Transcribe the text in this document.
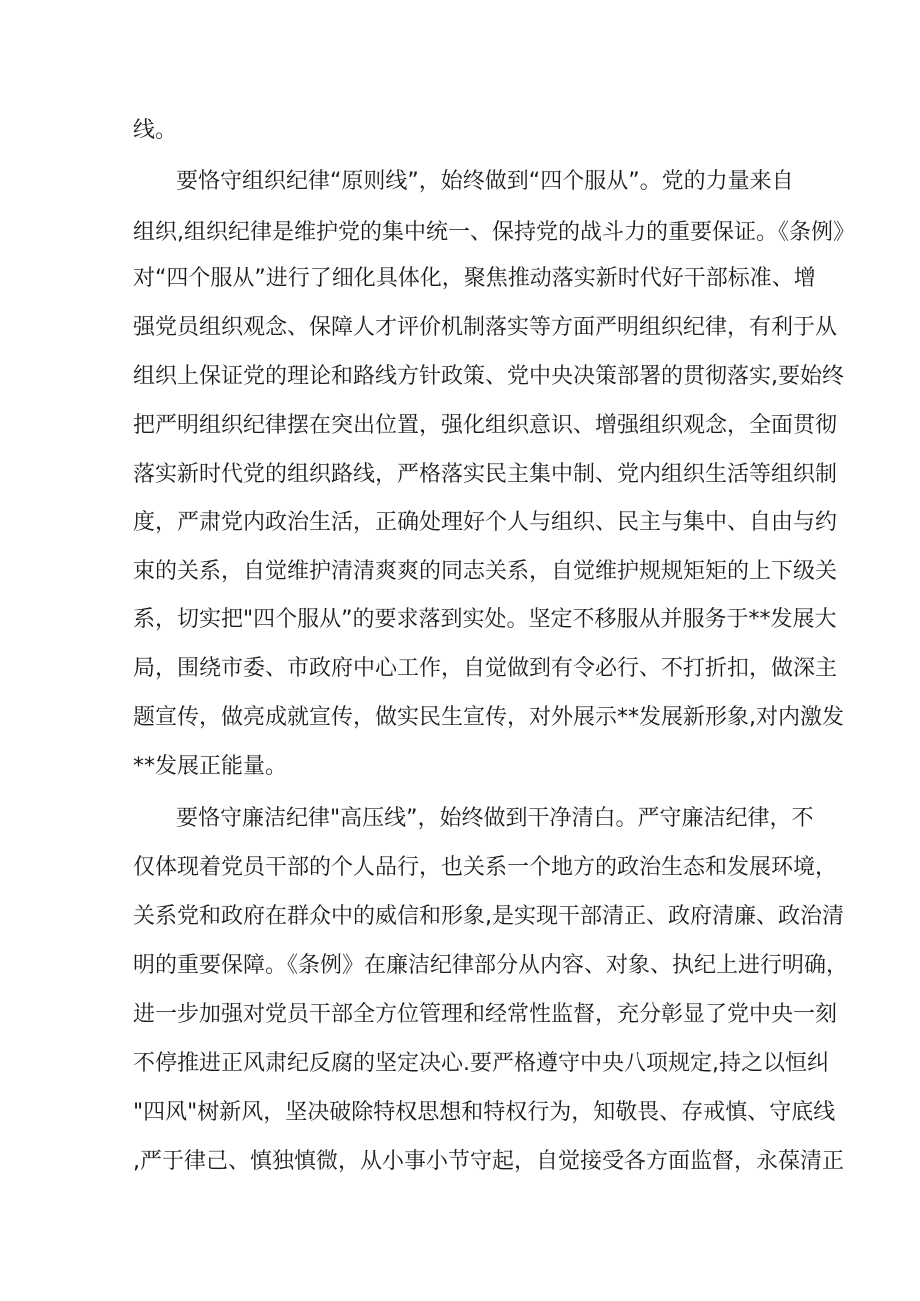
线。
要恪守组织纪律“原则线”，始终做到“四个服从”。党的力量来自
组织,组织纪律是维护党的集中统一、保持党的战斗力的重要保证。《条例》
对“四个服从”进行了细化具体化，聚焦推动落实新时代好干部标准、增
强党员组织观念、保障人才评价机制落实等方面严明组织纪律，有利于从
组织上保证党的理论和路线方针政策、党中央决策部署的贯彻落实,要始终
把严明组织纪律摆在突出位置，强化组织意识、增强组织观念，全面贯彻
落实新时代党的组织路线，严格落实民主集中制、党内组织生活等组织制
度，严肃党内政治生活，正确处理好个人与组织、民主与集中、自由与约
束的关系，自觉维护清清爽爽的同志关系，自觉维护规规矩矩的上下级关
系，切实把"四个服从”的要求落到实处。坚定不移服从并服务于**发展大
局，围绕市委、市政府中心工作，自觉做到有令必行、不打折扣，做深主
题宣传，做亮成就宣传，做实民生宣传，对外展示**发展新形象,对内激发
**发展正能量。
要恪守廉洁纪律"高压线”，始终做到干净清白。严守廉洁纪律，不
仅体现着党员干部的个人品行，也关系一个地方的政治生态和发展环境，
关系党和政府在群众中的威信和形象,是实现干部清正、政府清廉、政治清
明的重要保障。《条例》在廉洁纪律部分从内容、对象、执纪上进行明确，
进一步加强对党员干部全方位管理和经常性监督，充分彰显了党中央一刻
不停推进正风肃纪反腐的坚定决心.要严格遵守中央八项规定,持之以恒纠
"四风"树新风，坚决破除特权思想和特权行为，知敬畏、存戒慎、守底线
,严于律己、慎独慎微，从小事小节守起，自觉接受各方面监督，永葆清正
